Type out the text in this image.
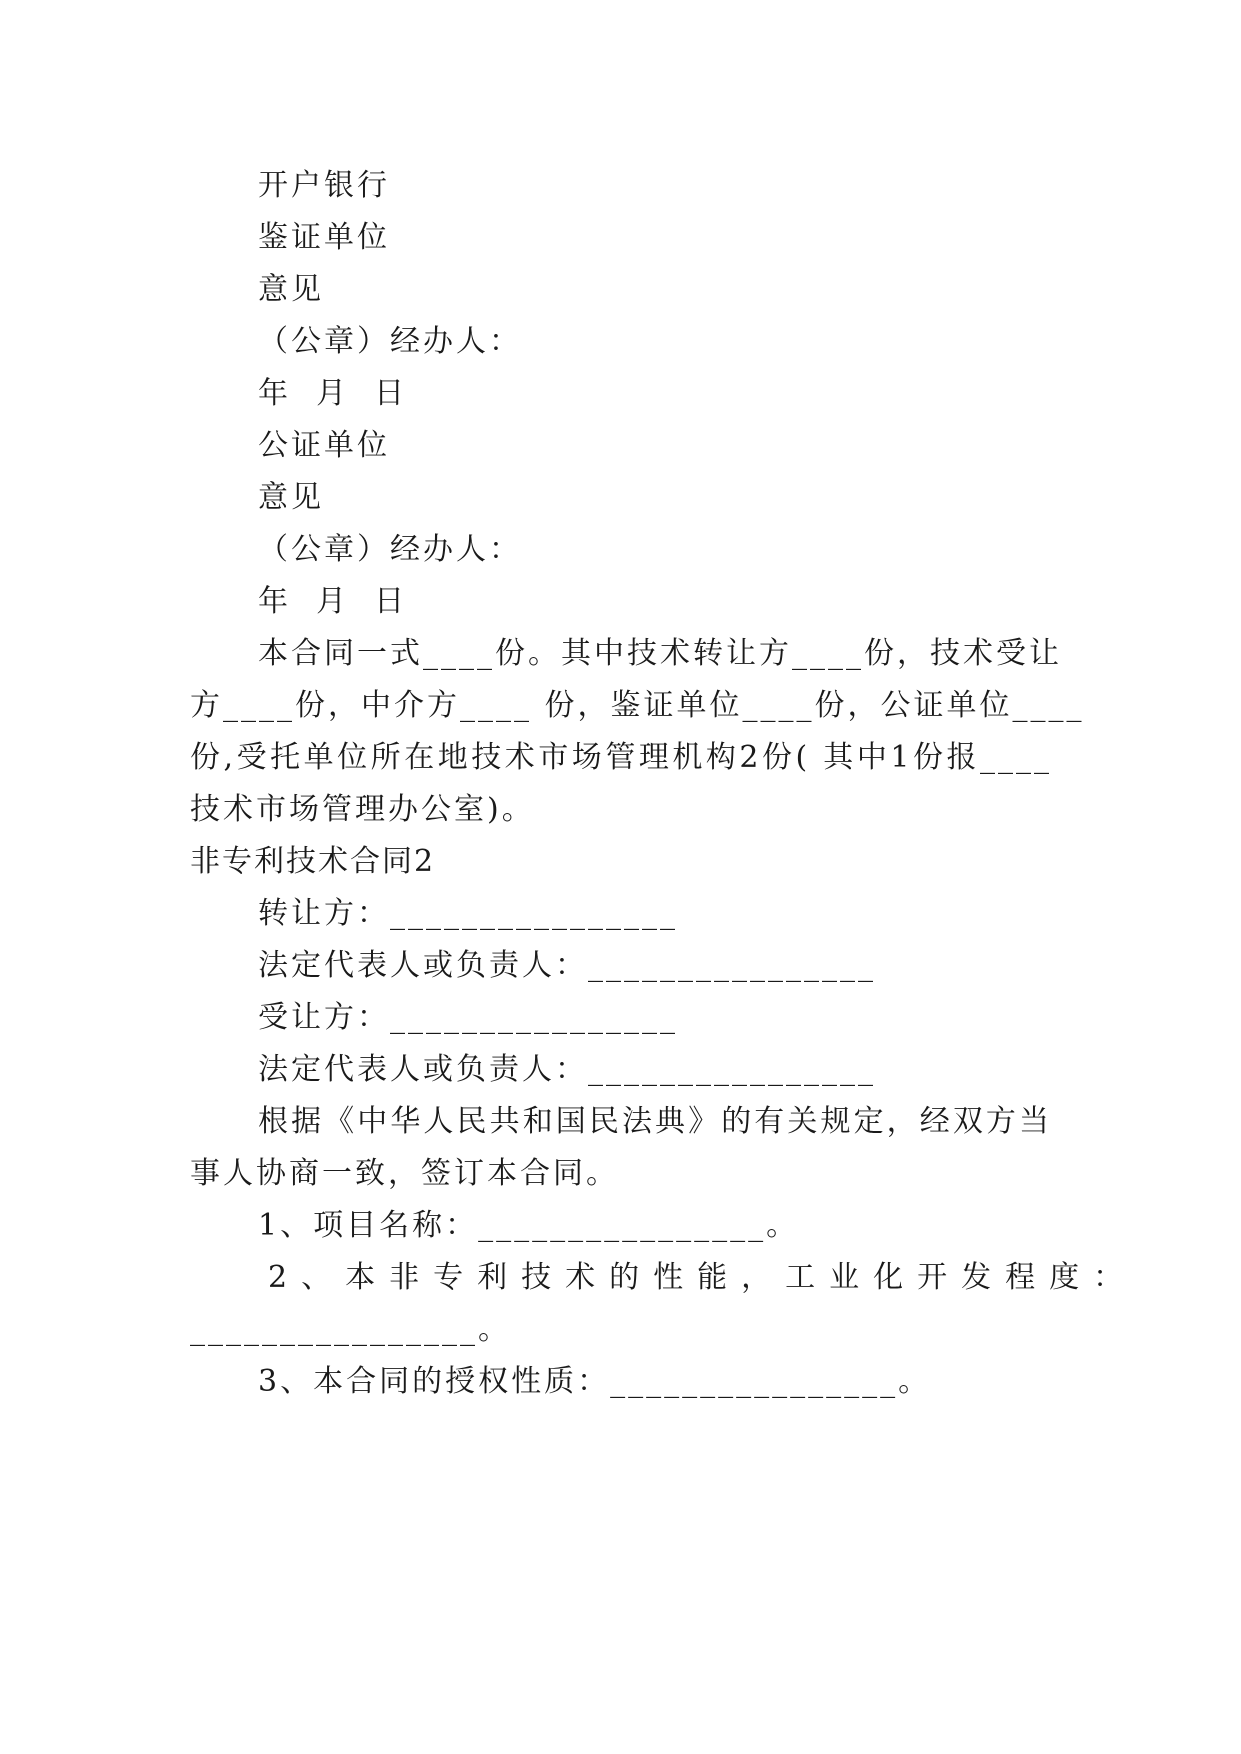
开户银行
鉴证单位
意见
（公章）经办人：
年  月  日
公证单位
意见
（公章）经办人：
年  月  日
本合同一式____份。其中技术转让方____份，技术受让
方____份，中介方____ 份，鉴证单位____份，公证单位____
份,受托单位所在地技术市场管理机构2份( 其中1份报____
技术市场管理办公室)。
非专利技术合同2
转让方：________________
法定代表人或负责人：________________
受让方：________________
法定代表人或负责人：________________
根据《中华人民共和国民法典》的有关规定，经双方当
事人协商一致，签订本合同。
1、项目名称：________________。
2、本非专利技术的性能，工业化开发程度：
________________。
3、本合同的授权性质：________________。
